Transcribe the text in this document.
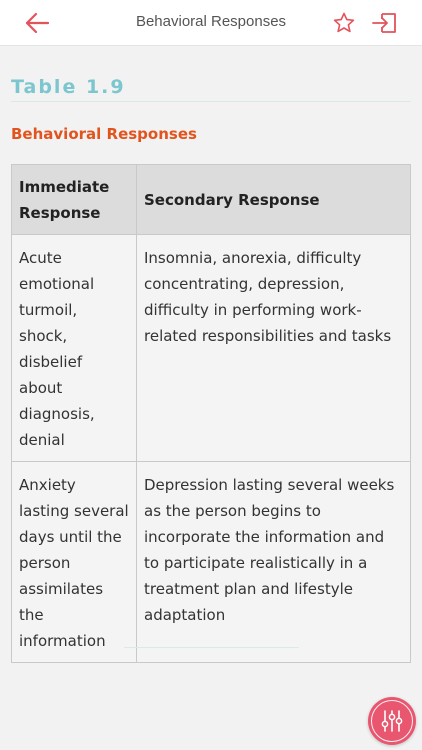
Behavioral Responses
Table 1.9
Behavioral Responses
Immediate Response	Secondary Response
Acute emotional turmoil, shock, disbelief about diagnosis, denial	Insomnia, anorexia, difficulty concentrating, depression, difficulty in performing work-related responsibilities and tasks
Anxiety lasting several days until the person assimilates the information	Depression lasting several weeks as the person begins to incorporate the information and to participate realistically in a treatment plan and lifestyle adaptation
